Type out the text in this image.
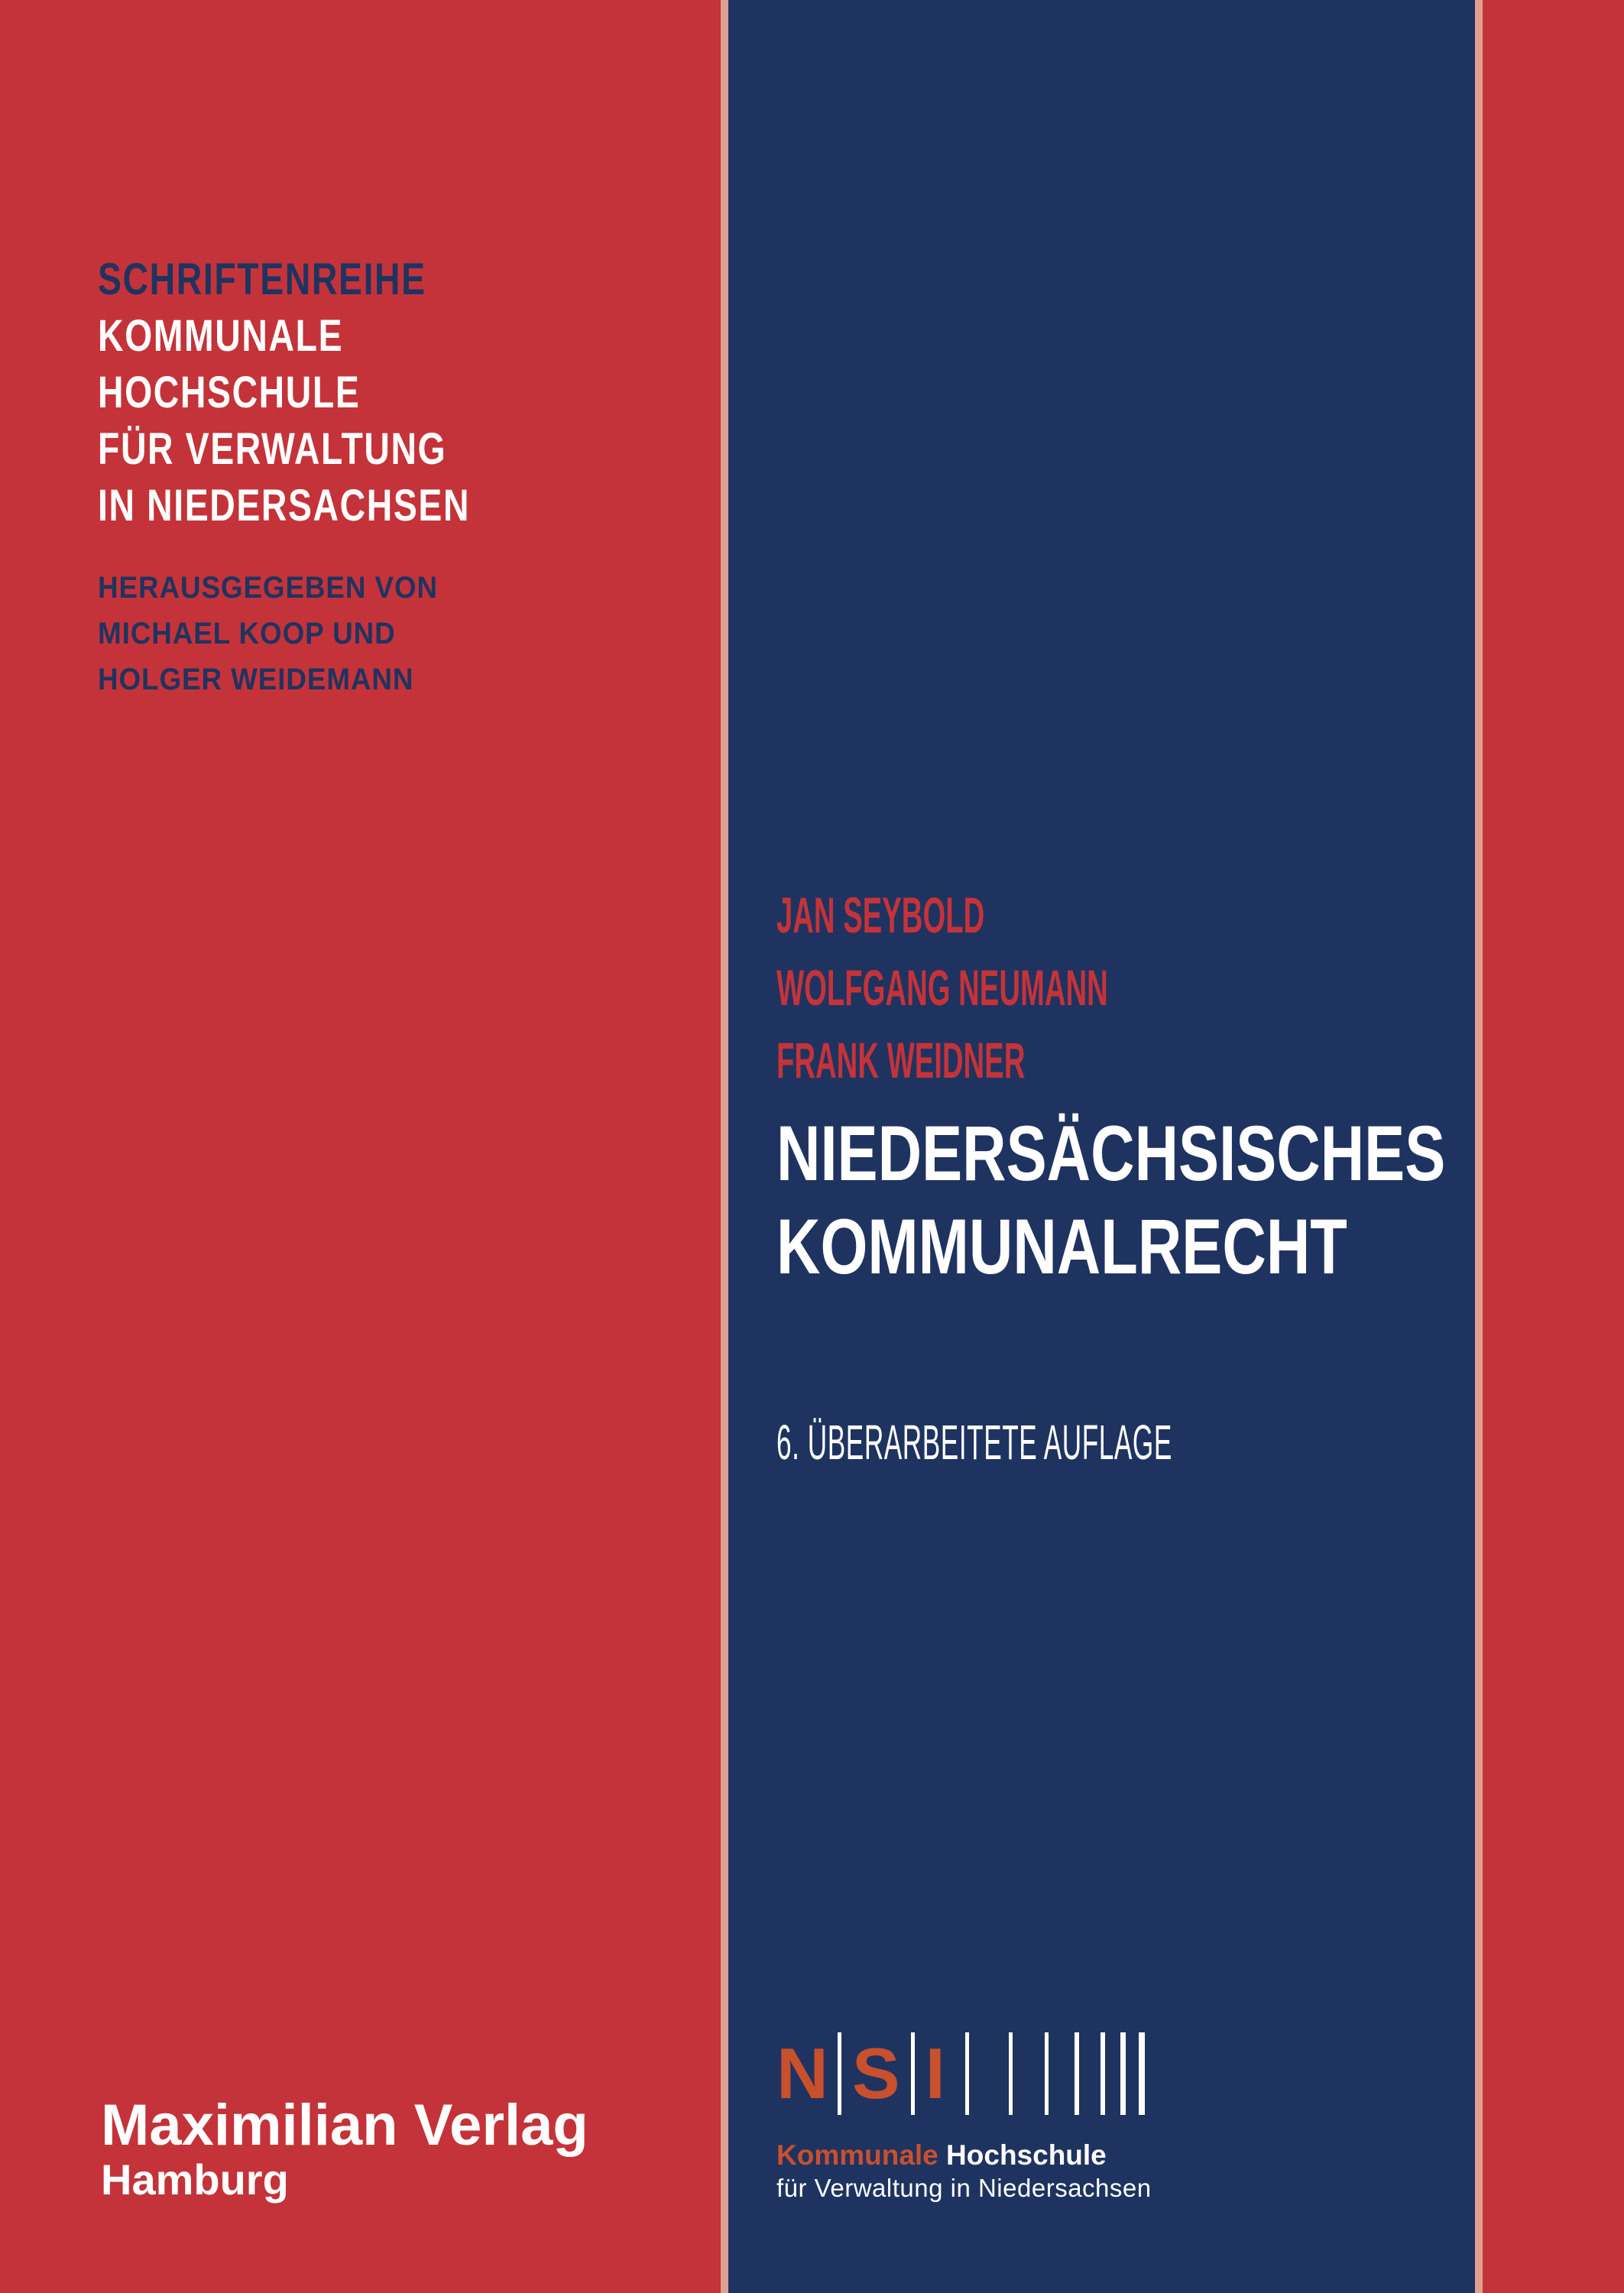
SCHRIFTENREIHE
KOMMUNALE
HOCHSCHULE
FÜR VERWALTUNG
IN NIEDERSACHSEN
HERAUSGEGEBEN VON
MICHAEL KOOP UND
HOLGER WEIDEMANN
JAN SEYBOLD
WOLFGANG NEUMANN
FRANK WEIDNER
NIEDERSÄCHSISCHES
KOMMUNALRECHT
6. ÜBERARBEITETE AUFLAGE
Maximilian Verlag
Hamburg
N S I
Kommunale Hochschule
für Verwaltung in Niedersachsen
